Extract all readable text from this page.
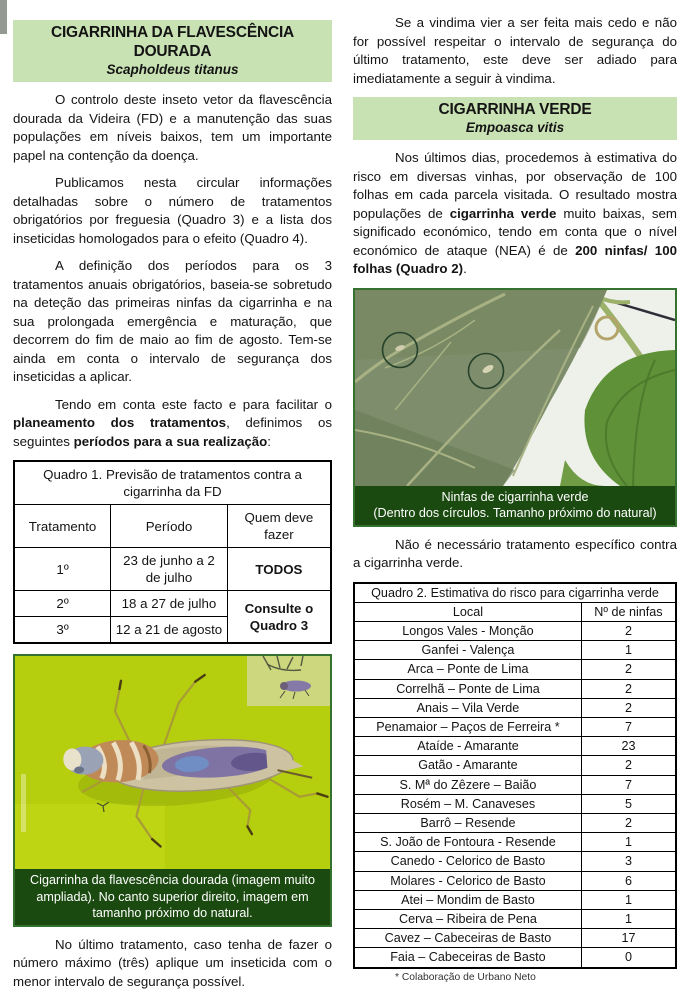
CIGARRINHA DA FLAVESCÊNCIA DOURADA
Scapholdeus titanus

O controlo deste inseto vetor da flavescência dourada da Videira (FD) e a manutenção das suas populações em níveis baixos, tem um importante papel na contenção da doença.

Publicamos nesta circular informações detalhadas sobre o número de tratamentos obrigatórios por freguesia (Quadro 3) e a lista dos inseticidas homologados para o efeito (Quadro 4).

A definição dos períodos para os 3 tratamentos anuais obrigatórios, baseia-se sobretudo na deteção das primeiras ninfas da cigarrinha e na sua prolongada emergência e maturação, que decorrem do fim de maio ao fim de agosto. Tem-se ainda em conta o intervalo de segurança dos inseticidas a aplicar.

Tendo em conta este facto e para facilitar o planeamento dos tratamentos, definimos os seguintes períodos para a sua realização:

Quadro 1. Previsão de tratamentos contra a cigarrinha da FD		
Tratamento	Período	Quem deve fazer
1º	23 de junho a 2 de julho	TODOS
2º	18 a 27 de julho	Consulte o Quadro 3
3º	12 a 21 de agosto	
Cigarrinha da flavescência dourada (imagem muito ampliada). No canto superior direito, imagem em tamanho próximo do natural.

No último tratamento, caso tenha de fazer o número máximo (três) aplique um inseticida com o menor intervalo de segurança possível.

Se a vindima vier a ser feita mais cedo e não for possível respeitar o intervalo de segurança do último tratamento, este deve ser adiado para imediatamente a seguir à vindima.

CIGARRINHA VERDE
Empoasca vitis

Nos últimos dias, procedemos à estimativa do risco em diversas vinhas, por observação de 100 folhas em cada parcela visitada. O resultado mostra populações de cigarrinha verde muito baixas, sem significado económico, tendo em conta que o nível económico de ataque (NEA) é de 200 ninfas/ 100 folhas (Quadro 2).

Ninfas de cigarrinha verde
(Dentro dos círculos. Tamanho próximo do natural)

Não é necessário tratamento específico contra a cigarrinha verde.

Quadro 2. Estimativa do risco para cigarrinha verde	
Local	Nº de ninfas
Longos Vales - Monção	2
Ganfei - Valença	1
Arca – Ponte de Lima	2
Correlhã – Ponte de Lima	2
Anais – Vila Verde	2
Penamaior – Paços de Ferreira *	7
Ataíde - Amarante	23
Gatão - Amarante	2
S. Mª do Zêzere – Baião	7
Rosém – M. Canaveses	5
Barrô – Resende	2
S. João de Fontoura - Resende	1
Canedo - Celorico de Basto	3
Molares - Celorico de Basto	6
Atei – Mondim de Basto	1
Cerva – Ribeira de Pena	1
Cavez – Cabeceiras de Basto	17
Faia – Cabeceiras de Basto	0
* Colaboração de Urbano Neto
